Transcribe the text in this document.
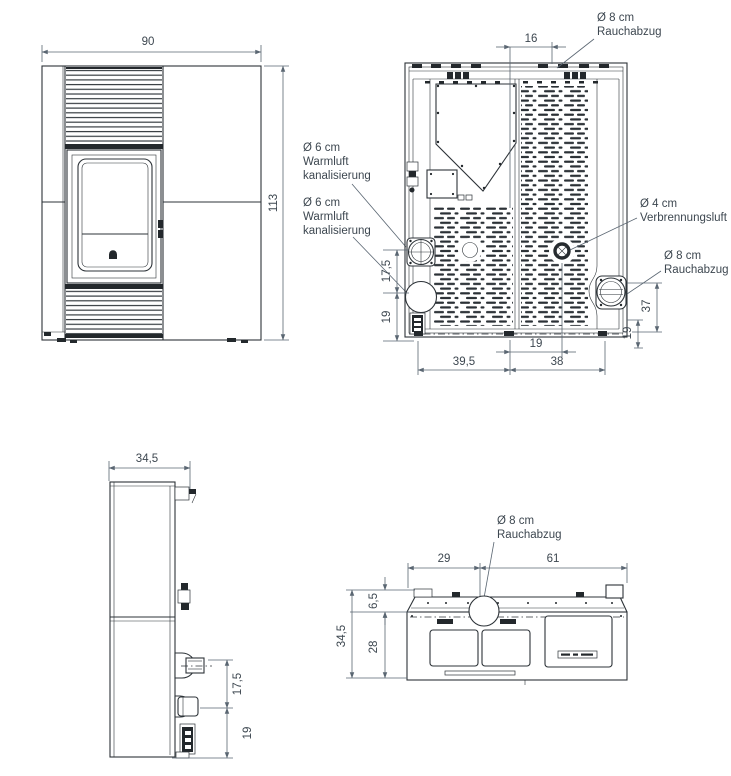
90
113
Ø 6 cm
Warmluft
kanalisierung
Ø 6 cm
Warmluft
kanalisierung
Ø 8 cm
Rauchabzug
16
17,5
19
Ø 4 cm
Verbrennungsluft
Ø 8 cm
Rauchabzug
37
19
19
39,5	38
34,5
17,5
19
Ø 8 cm
Rauchabzug
29	61
34,5
6,5
28
